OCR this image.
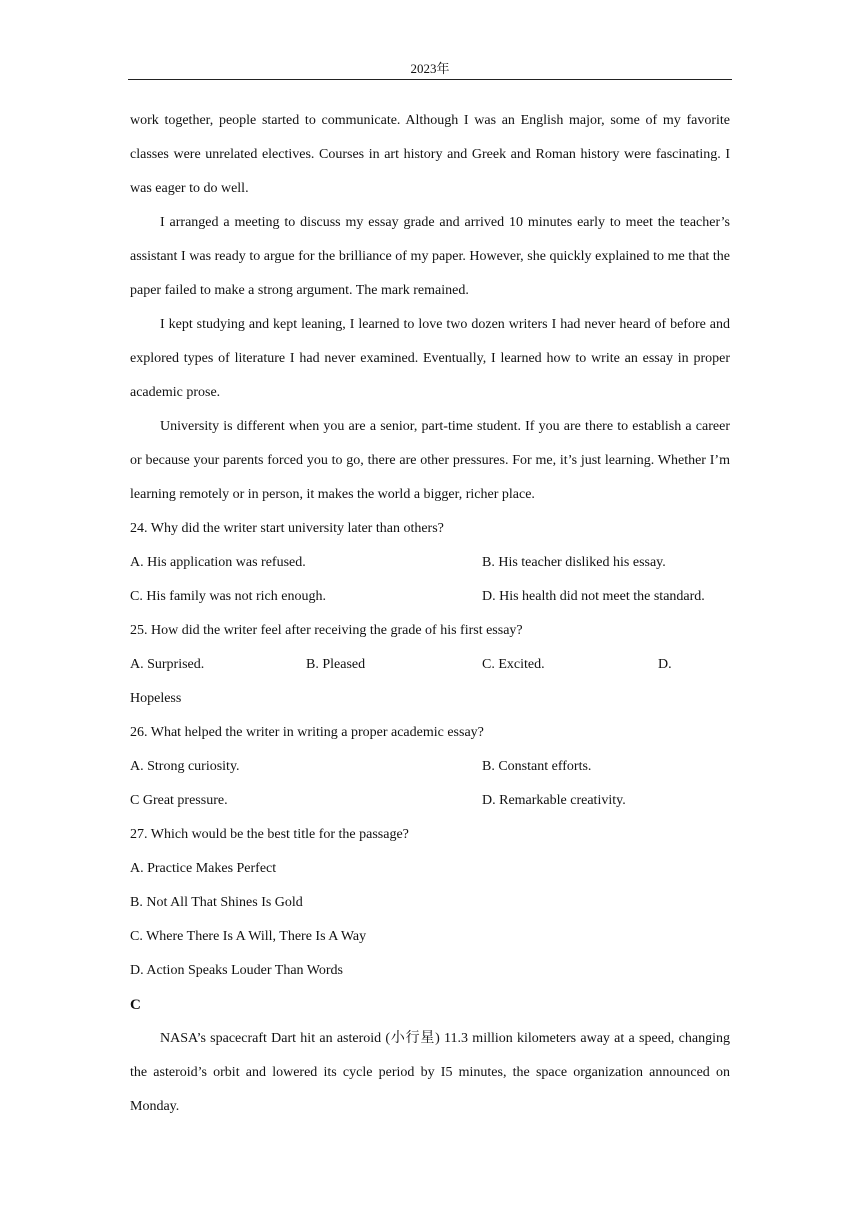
2023年

work together, people started to communicate. Although I was an English major, some of my favorite classes were unrelated electives. Courses in art history and Greek and Roman history were fascinating. I was eager to do well.

I arranged a meeting to discuss my essay grade and arrived 10 minutes early to meet the teacher’s assistant I was ready to argue for the brilliance of my paper. However, she quickly explained to me that the paper failed to make a strong argument. The mark remained.

I kept studying and kept leaning, I learned to love two dozen writers I had never heard of before and explored types of literature I had never examined. Eventually, I learned how to write an essay in proper academic prose.

University is different when you are a senior, part-time student. If you are there to establish a career or because your parents forced you to go, there are other pressures. For me, it’s just learning. Whether I’m learning remotely or in person, it makes the world a bigger, richer place.

24. Why did the writer start university later than others?

A. His application was refused.	B. His teacher disliked his essay.
C. His family was not rich enough.	D. His health did not meet the standard.

25. How did the writer feel after receiving the grade of his first essay?

A. Surprised.	B. Pleased	C. Excited.	D.

Hopeless

26. What helped the writer in writing a proper academic essay?

A. Strong curiosity.	B. Constant efforts.
C Great pressure.	D. Remarkable creativity.

27. Which would be the best title for the passage?

A. Practice Makes Perfect

B. Not All That Shines Is Gold

C. Where There Is A Will, There Is A Way

D. Action Speaks Louder Than Words

C

NASA’s spacecraft Dart hit an asteroid (小行星) 11.3 million kilometers away at a speed, changing the asteroid’s orbit and lowered its cycle period by I5 minutes, the space organization announced on Monday.
